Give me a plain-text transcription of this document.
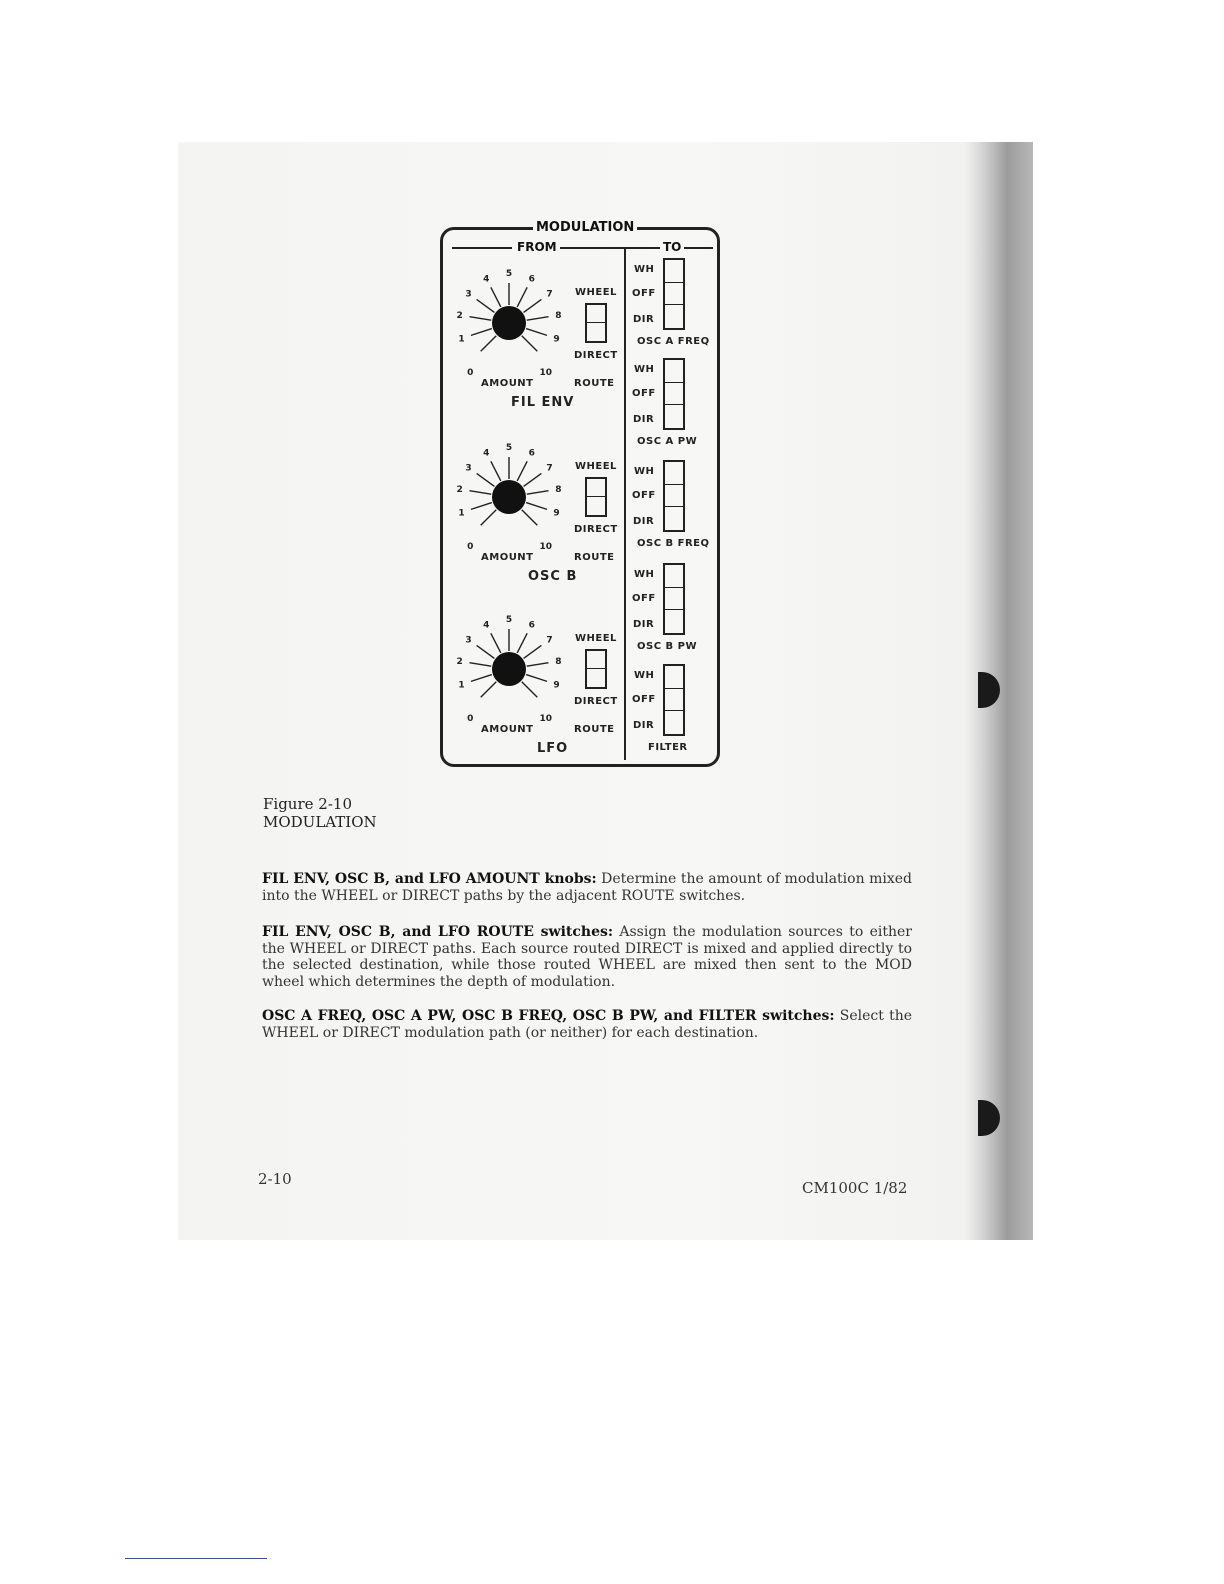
MODULATION
FROM	TO
0
1
2
3
4
5
6
7
8
9
10
AMOUNT	ROUTE
WHEEL
DIRECT
FIL ENV
0
1
2
3
4
5
6
7
8
9
10
AMOUNT	ROUTE
WHEEL
DIRECT
OSC B
0
1
2
3
4
5
6
7
8
9
10
AMOUNT	ROUTE
WHEEL
DIRECT
LFO
WH
OFF
DIR
OSC A FREQ
WH
OFF
DIR
OSC A PW
WH
OFF
DIR
OSC B FREQ
WH
OFF
DIR
OSC B PW
WH
OFF
DIR
FILTER
Figure 2-10
MODULATION
FIL ENV, OSC B, and LFO AMOUNT knobs: Determine the amount of modulation mixed into the WHEEL or DIRECT paths by the adjacent ROUTE switches.
FIL ENV, OSC B, and LFO ROUTE switches: Assign the modulation sources to either the WHEEL or DIRECT paths. Each source routed DIRECT is mixed and applied directly to the selected destination, while those routed WHEEL are mixed then sent to the MOD wheel which determines the depth of modulation.
OSC A FREQ, OSC A PW, OSC B FREQ, OSC B PW, and FILTER switches: Select the WHEEL or DIRECT modulation path (or neither) for each destination.
2-10	CM100C 1/82
